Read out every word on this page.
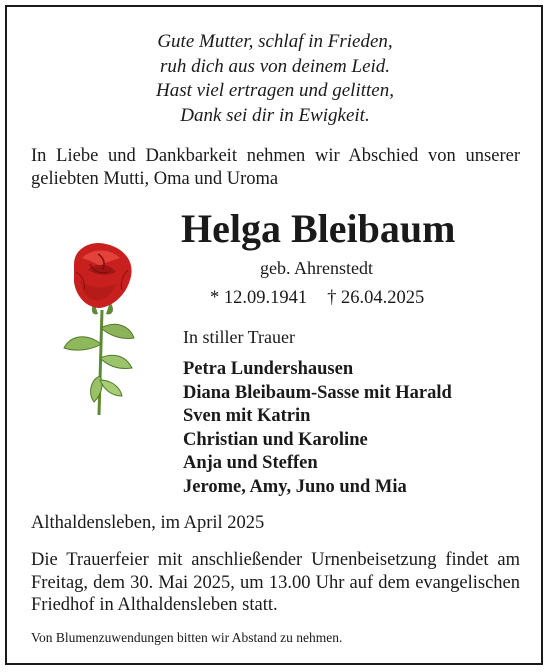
Gute Mutter, schlaf in Frieden,
ruh dich aus von deinem Leid.
Hast viel ertragen und gelitten,
Dank sei dir in Ewigkeit.
In Liebe und Dankbarkeit nehmen wir Abschied von unserer geliebten Mutti, Oma und Uroma
Helga Bleibaum
geb. Ahrenstedt
* 12.09.1941 † 26.04.2025
In stiller Trauer
Petra Lundershausen
Diana Bleibaum-Sasse mit Harald
Sven mit Katrin
Christian und Karoline
Anja und Steffen
Jerome, Amy, Juno und Mia
Althaldensleben, im April 2025
Die Trauerfeier mit anschließender Urnenbeisetzung findet am Freitag, dem 30. Mai 2025, um 13.00 Uhr auf dem evangelischen Friedhof in Althaldensleben statt.
Von Blumenzuwendungen bitten wir Abstand zu nehmen.
